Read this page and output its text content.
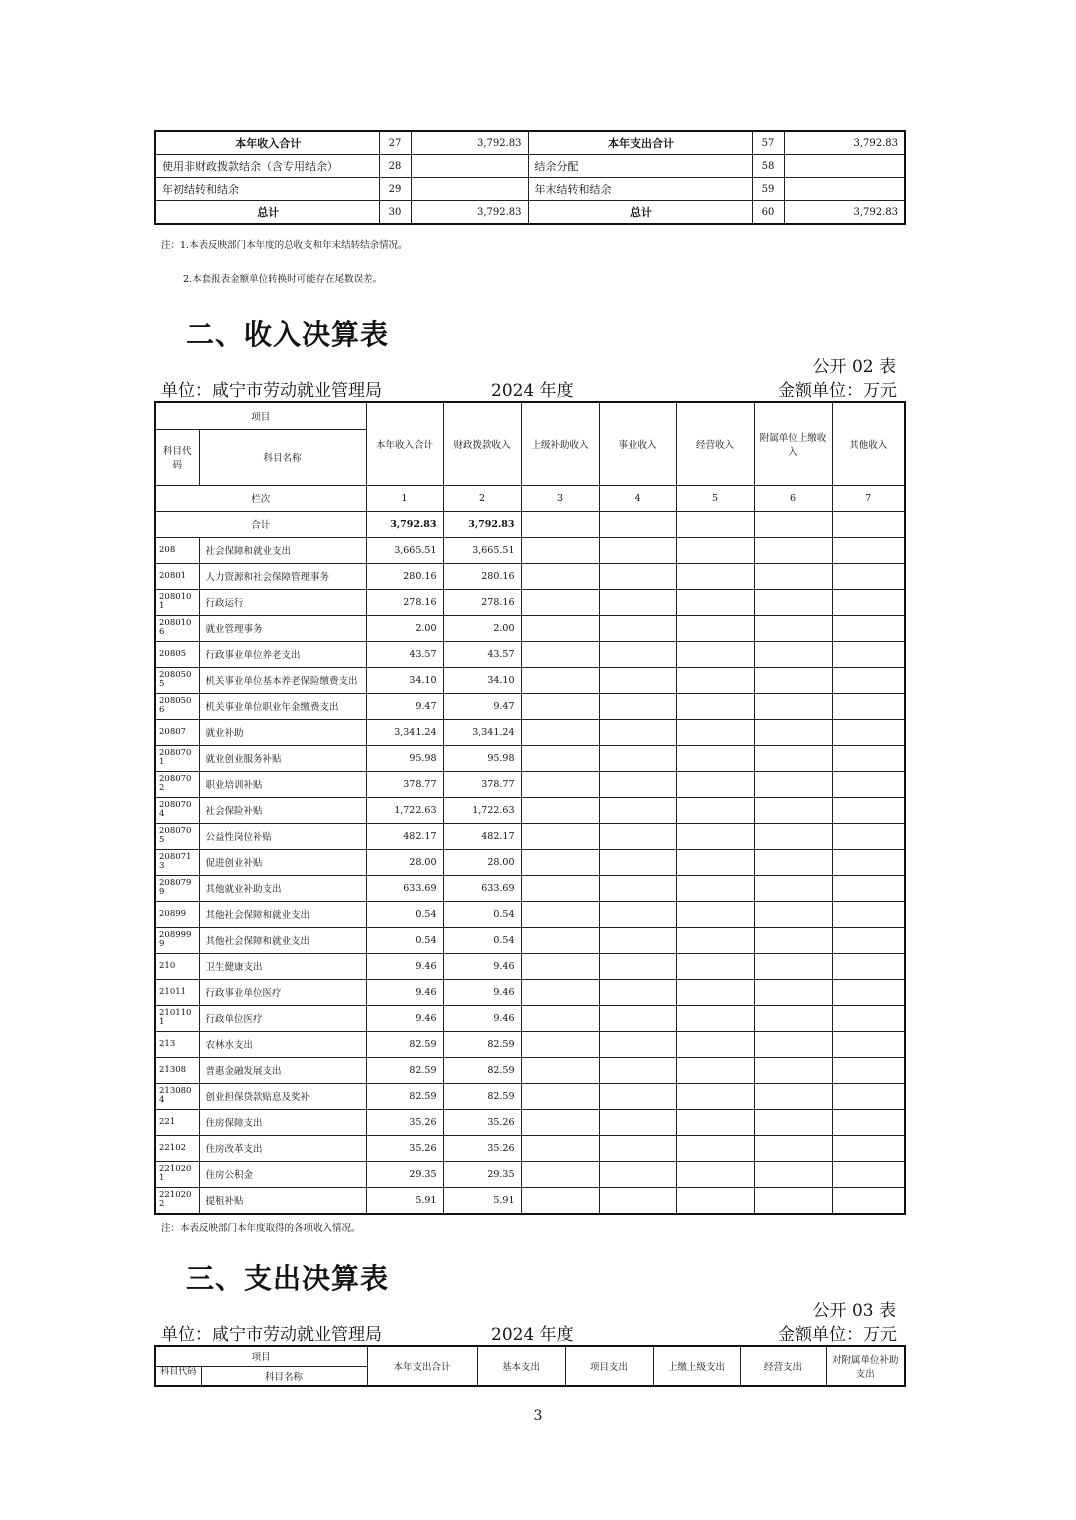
本年收入合计	27	3,792.83	本年支出合计	57	3,792.83
使用非财政拨款结余（含专用结余）	28		结余分配	58	
年初结转和结余	29		年末结转和结余	59	
总计	30	3,792.83	总计	60	3,792.83
注：1.本表反映部门本年度的总收支和年末结转结余情况。
2.本套报表金额单位转换时可能存在尾数误差。
二、收入决算表
公开 02 表
单位：咸宁市劳动就业管理局	2024 年度	金额单位：万元
项目		本年收入合计	财政拨款收入	上级补助收入	事业收入	经营收入	附属单位上缴收入	其他收入
科目代码	科目名称							

栏次		1	2	3	4	5	6	7
合计		3,792.83	3,792.83					
208	社会保障和就业支出	3,665.51	3,665.51					
20801	人力资源和社会保障管理事务	280.16	280.16					
2080101	行政运行	278.16	278.16					
2080106	就业管理事务	2.00	2.00					
20805	行政事业单位养老支出	43.57	43.57					
2080505	机关事业单位基本养老保险缴费支出	34.10	34.10					
2080506	机关事业单位职业年金缴费支出	9.47	9.47					
20807	就业补助	3,341.24	3,341.24					
2080701	就业创业服务补贴	95.98	95.98					
2080702	职业培训补贴	378.77	378.77					
2080704	社会保险补贴	1,722.63	1,722.63					
2080705	公益性岗位补贴	482.17	482.17					
2080713	促进创业补贴	28.00	28.00					
2080799	其他就业补助支出	633.69	633.69					
20899	其他社会保障和就业支出	0.54	0.54					
2089999	其他社会保障和就业支出	0.54	0.54					
210	卫生健康支出	9.46	9.46					
21011	行政事业单位医疗	9.46	9.46					
2101101	行政单位医疗	9.46	9.46					
213	农林水支出	82.59	82.59					
21308	普惠金融发展支出	82.59	82.59					
2130804	创业担保贷款贴息及奖补	82.59	82.59					
221	住房保障支出	35.26	35.26					
22102	住房改革支出	35.26	35.26					
2210201	住房公积金	29.35	29.35					
2210202	提租补贴	5.91	5.91					
注：本表反映部门本年度取得的各项收入情况。
三、支出决算表
公开 03 表
单位：咸宁市劳动就业管理局	2024 年度	金额单位：万元
项目		本年支出合计	基本支出	项目支出	上缴上级支出	经营支出	对附属单位补助支出
科目代码	科目名称						
3
